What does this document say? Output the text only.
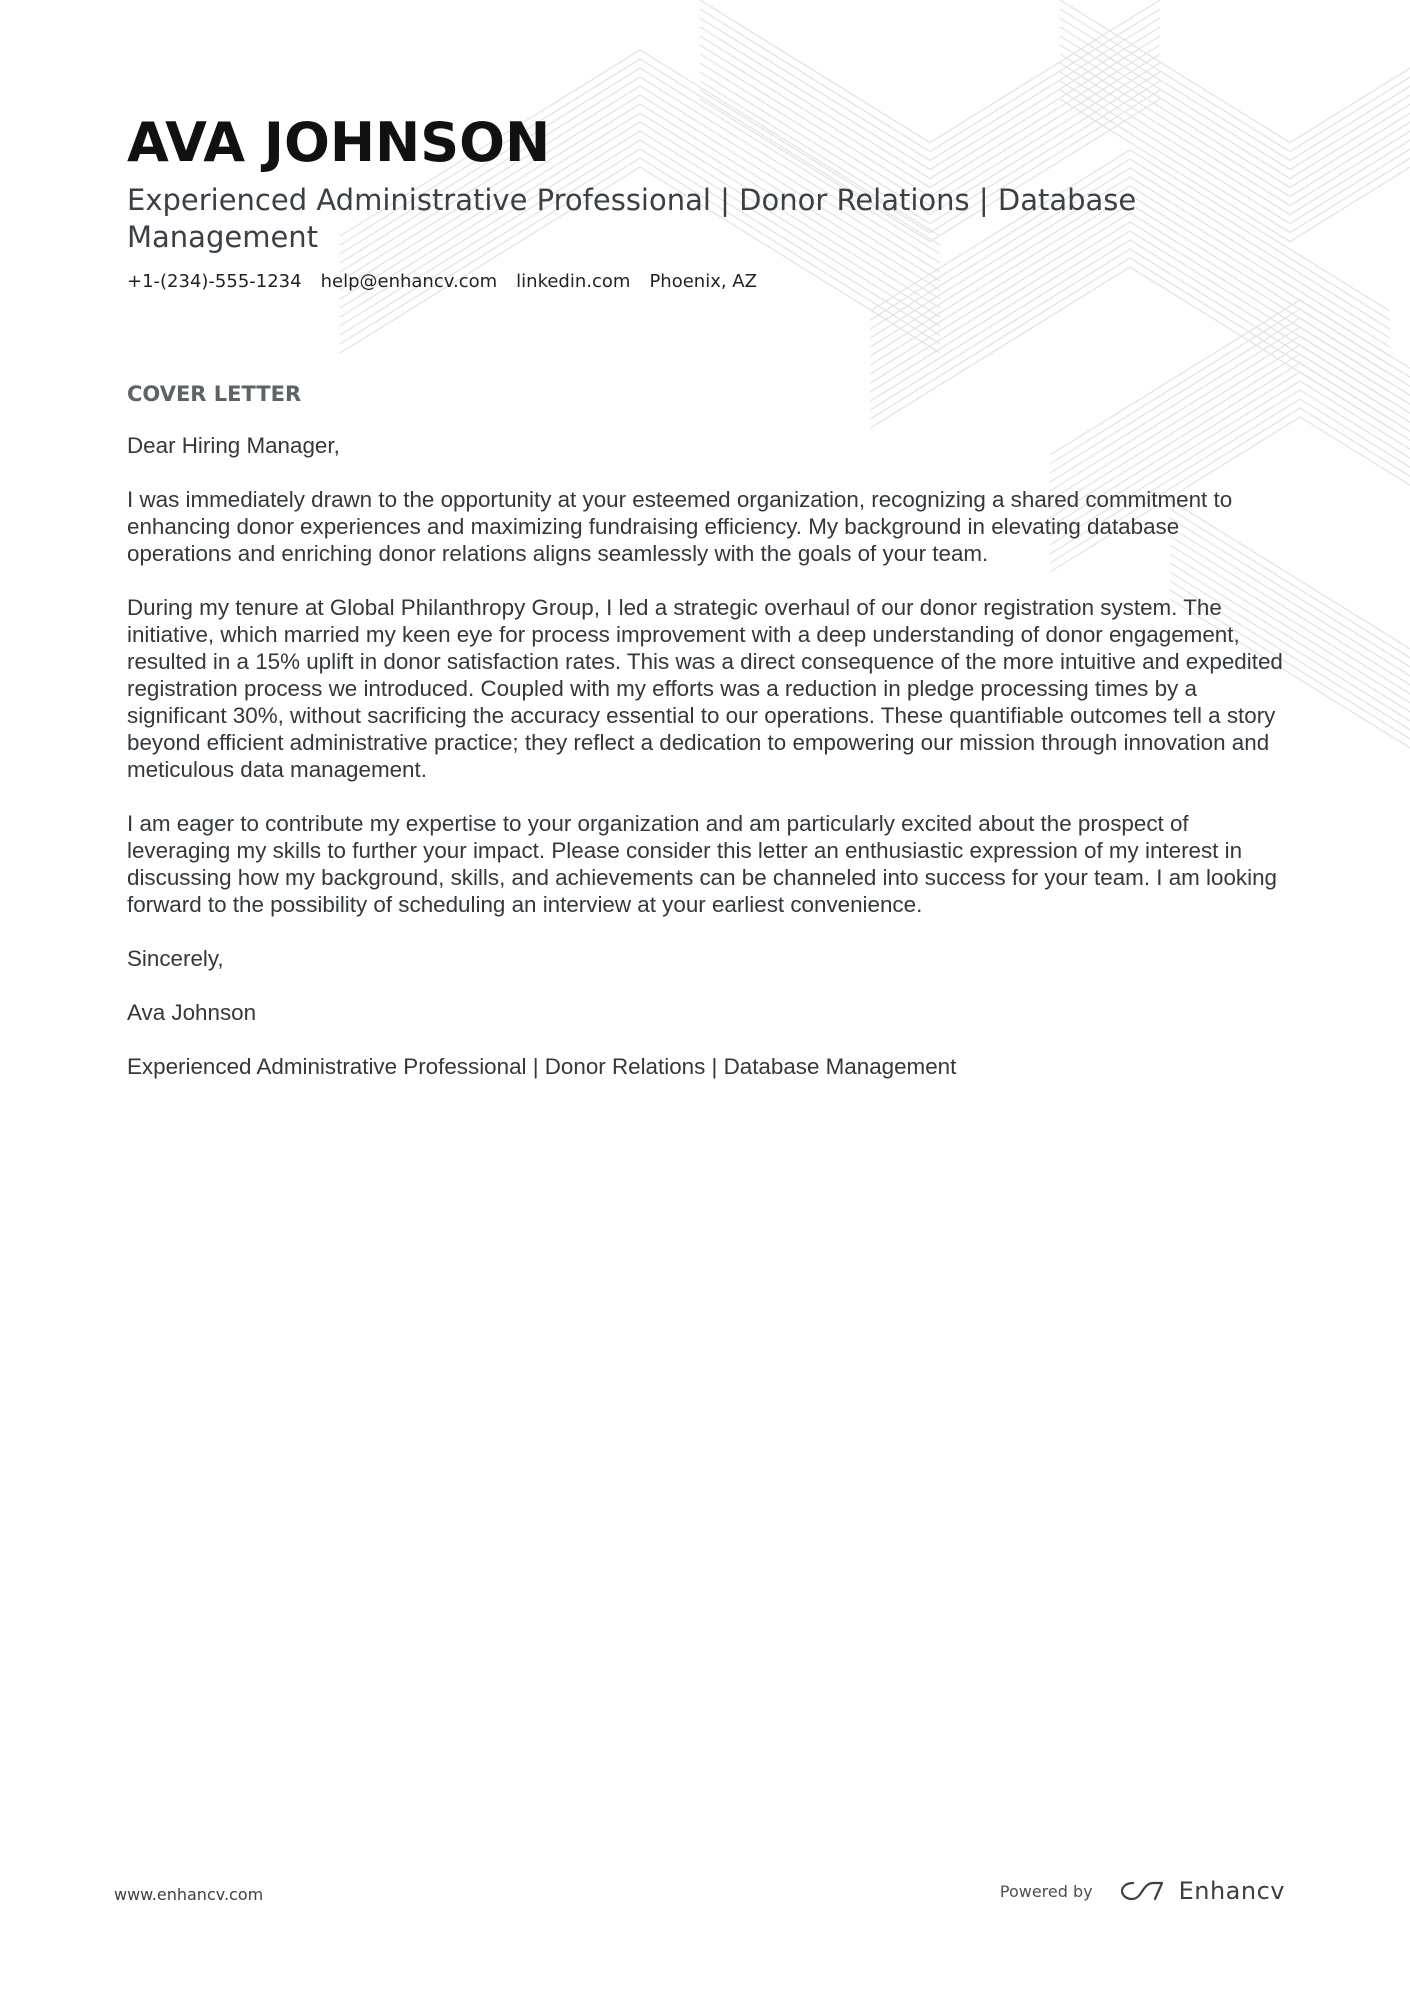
AVA JOHNSON
Experienced Administrative Professional | Donor Relations | Database Management
+1-(234)-555-1234 help@enhancv.com linkedin.com Phoenix, AZ
COVER LETTER

Dear Hiring Manager,

I was immediately drawn to the opportunity at your esteemed organization, recognizing a shared commitment to enhancing donor experiences and maximizing fundraising efficiency. My background in elevating database operations and enriching donor relations aligns seamlessly with the goals of your team.

During my tenure at Global Philanthropy Group, I led a strategic overhaul of our donor registration system. The initiative, which married my keen eye for process improvement with a deep understanding of donor engagement, resulted in a 15% uplift in donor satisfaction rates. This was a direct consequence of the more intuitive and expedited registration process we introduced. Coupled with my efforts was a reduction in pledge processing times by a significant 30%, without sacrificing the accuracy essential to our operations. These quantifiable outcomes tell a story beyond efficient administrative practice; they reflect a dedication to empowering our mission through innovation and meticulous data management.

I am eager to contribute my expertise to your organization and am particularly excited about the prospect of leveraging my skills to further your impact. Please consider this letter an enthusiastic expression of my interest in discussing how my background, skills, and achievements can be channeled into success for your team. I am looking forward to the possibility of scheduling an interview at your earliest convenience.

Sincerely,

Ava Johnson

Experienced Administrative Professional | Donor Relations | Database Management

www.enhancv.com	Powered by	Enhancv
